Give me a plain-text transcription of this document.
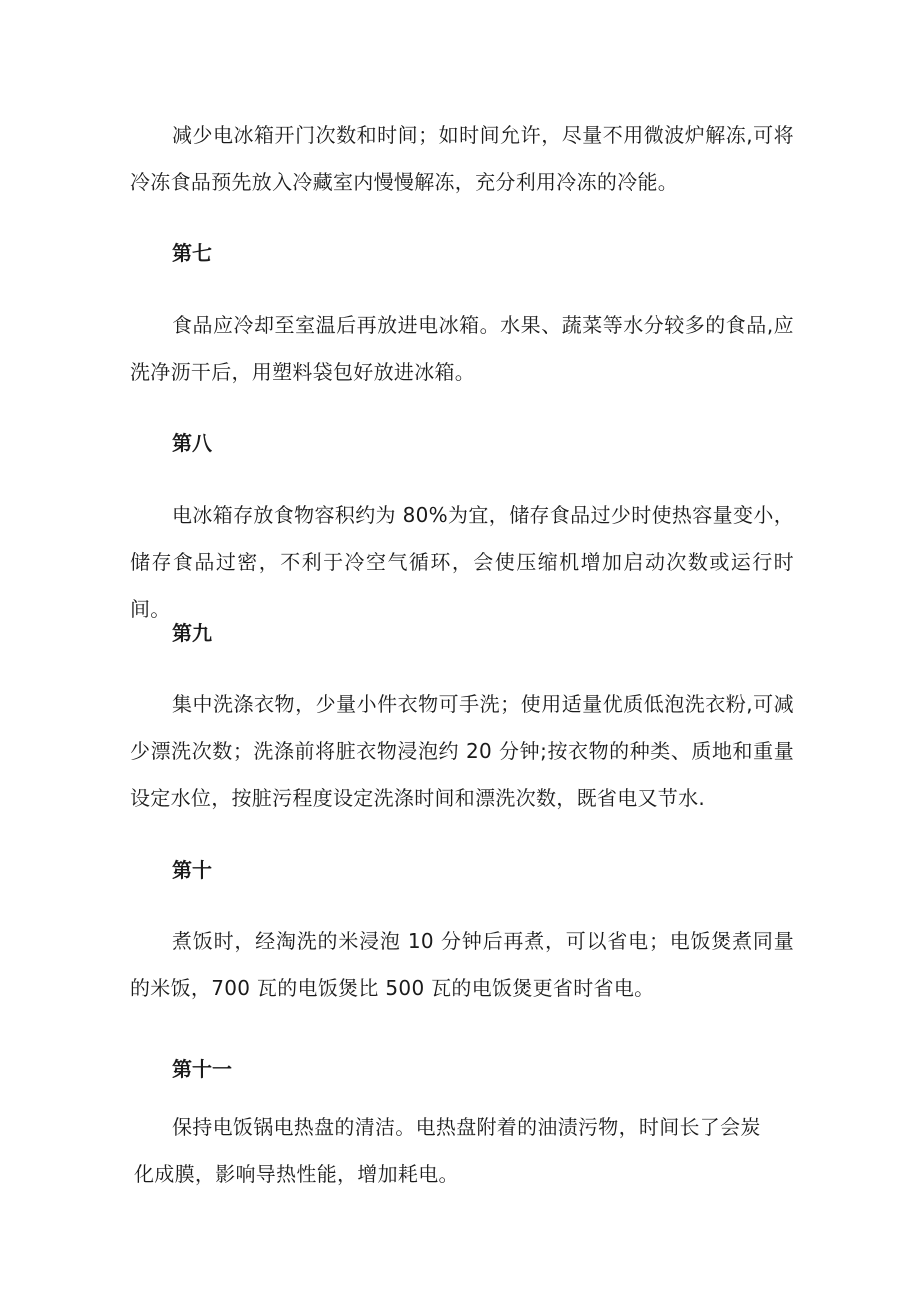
减少电冰箱开门次数和时间；如时间允许，尽量不用微波炉解冻,可将冷冻食品预先放入冷藏室内慢慢解冻，充分利用冷冻的冷能。

第七

食品应冷却至室温后再放进电冰箱。水果、蔬菜等水分较多的食品,应洗净沥干后，用塑料袋包好放进冰箱。

第八

电冰箱存放食物容积约为 80%为宜，储存食品过少时使热容量变小，储存食品过密，不利于冷空气循环，会使压缩机增加启动次数或运行时间。

第九

集中洗涤衣物，少量小件衣物可手洗；使用适量优质低泡洗衣粉,可减少漂洗次数；洗涤前将脏衣物浸泡约 20 分钟;按衣物的种类、质地和重量设定水位，按脏污程度设定洗涤时间和漂洗次数，既省电又节水.

第十

煮饭时，经淘洗的米浸泡 10 分钟后再煮，可以省电；电饭煲煮同量的米饭，700 瓦的电饭煲比 500 瓦的电饭煲更省时省电。

第十一

保持电饭锅电热盘的清洁。电热盘附着的油渍污物，时间长了会炭
化成膜，影响导热性能，增加耗电。
